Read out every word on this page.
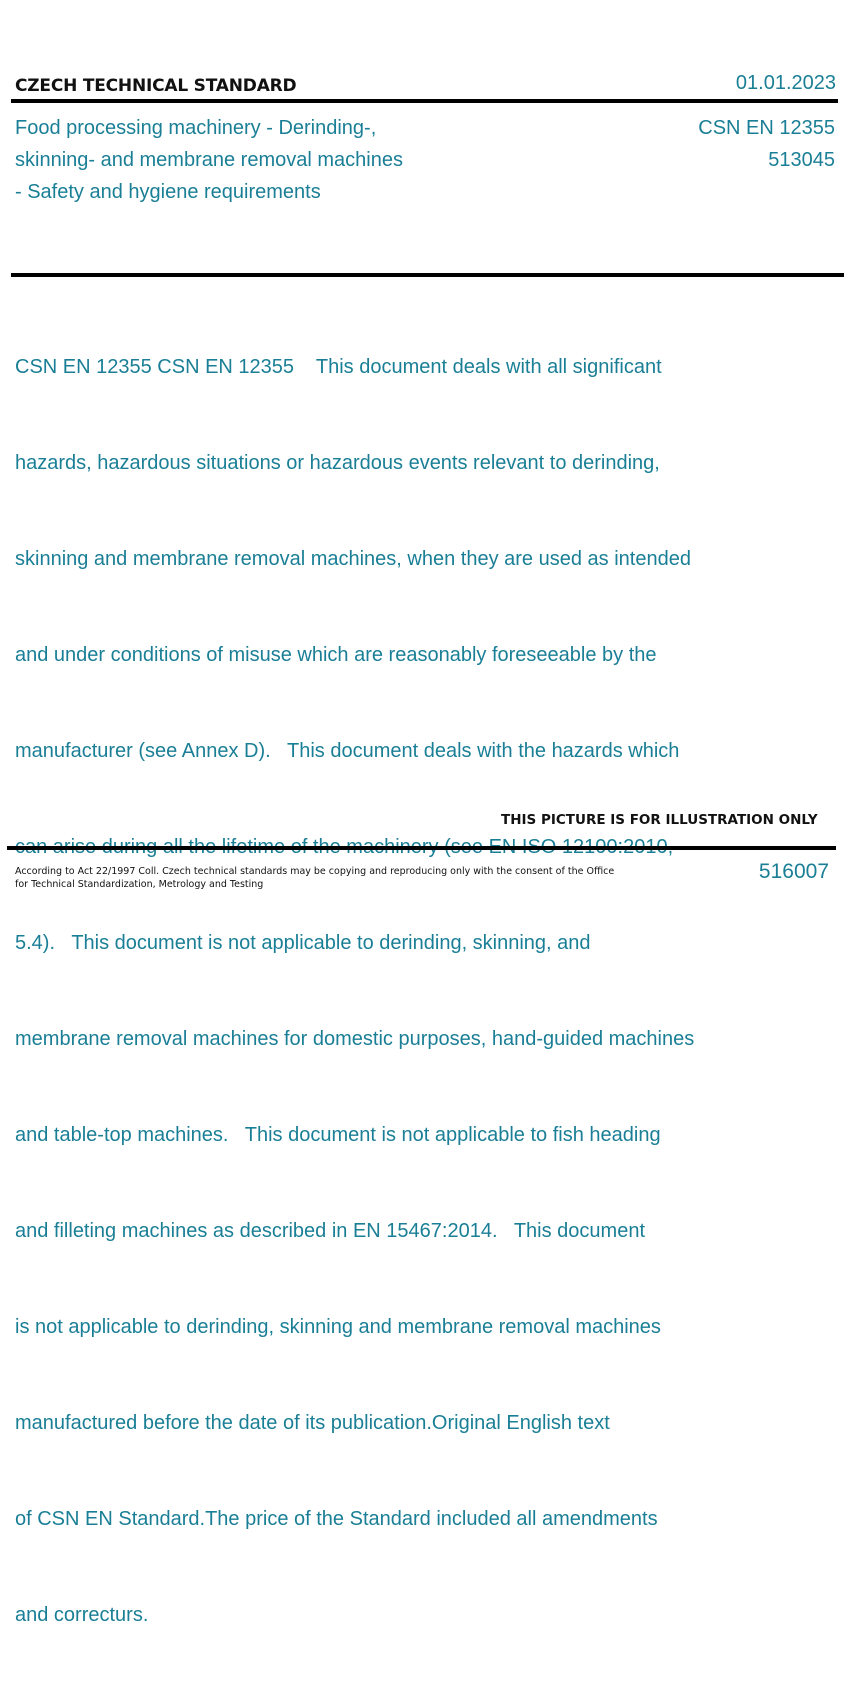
CZECH TECHNICAL STANDARD	01.01.2023
Food processing machinery - Derinding-,
skinning- and membrane removal machines
- Safety and hygiene requirements
CSN EN 12355
513045

CSN EN 12355 CSN EN 12355    This document deals with all significant

hazards, hazardous situations or hazardous events relevant to derinding,

skinning and membrane removal machines, when they are used as intended

and under conditions of misuse which are reasonably foreseeable by the

manufacturer (see Annex D).   This document deals with the hazards which

5.4).   This document is not applicable to derinding, skinning, and

membrane removal machines for domestic purposes, hand-guided machines

and table-top machines.   This document is not applicable to fish heading

and filleting machines as described in EN 15467:2014.   This document

is not applicable to derinding, skinning and membrane removal machines

manufactured before the date of its publication.Original English text

of CSN EN Standard.The price of the Standard included all amendments

and correcturs.

THIS PICTURE IS FOR ILLUSTRATION ONLY
According to Act 22/1997 Coll. Czech technical standards may be copying and reproducing only with the consent of the Office
for Technical Standardization, Metrology and Testing
516007
